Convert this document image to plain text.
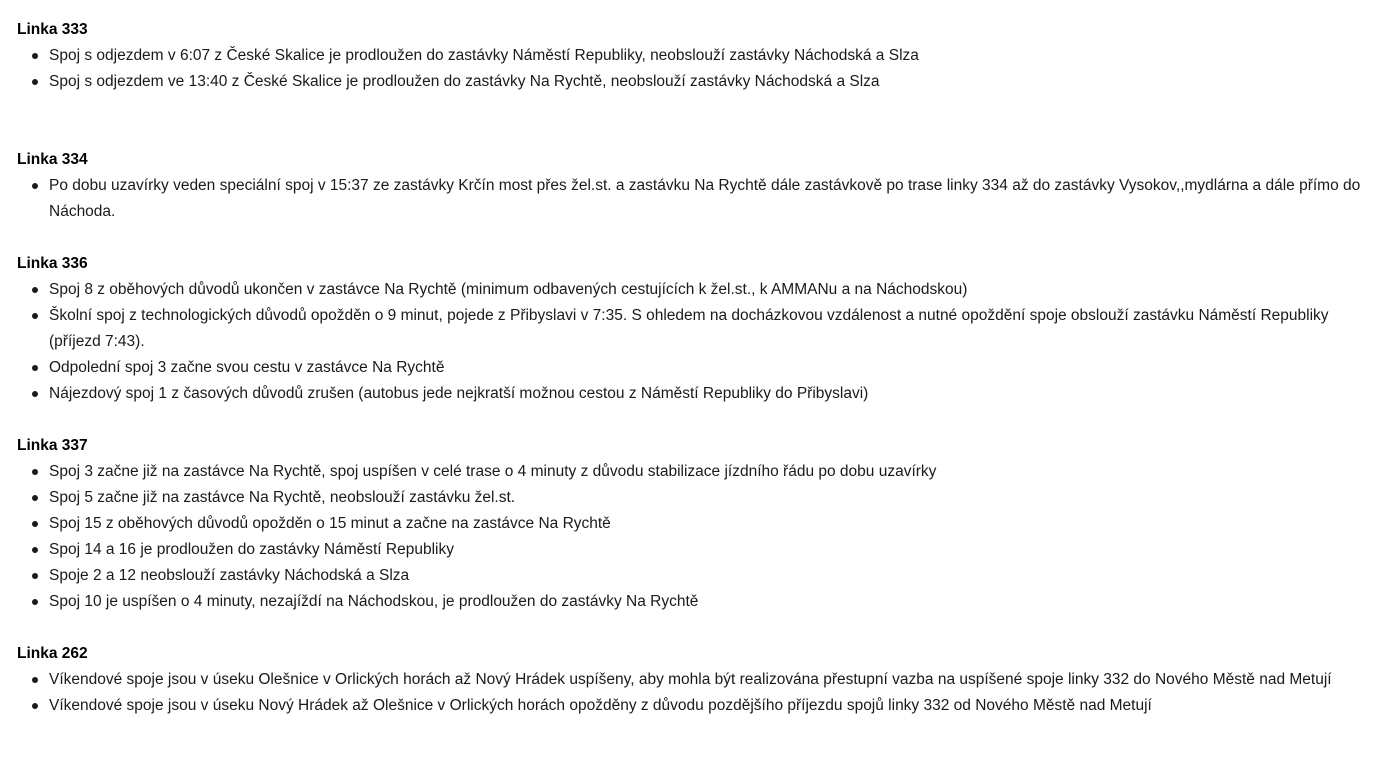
Linka 333
Spoj s odjezdem v 6:07 z České Skalice je prodloužen do zastávky Náměstí Republiky, neobslouží zastávky Náchodská a Slza
Spoj s odjezdem ve 13:40 z České Skalice je prodloužen do zastávky Na Rychtě, neobslouží zastávky Náchodská a Slza
Linka 334
Po dobu uzavírky veden speciální spoj v 15:37 ze zastávky Krčín most přes žel.st. a zastávku Na Rychtě dále zastávkově po trase linky 334 až do zastávky Vysokov,,mydlárna a dále přímo do Náchoda.
Linka 336
Spoj 8 z oběhových důvodů ukončen v zastávce Na Rychtě (minimum odbavených cestujících k žel.st., k AMMANu a na Náchodskou)
Školní spoj z technologických důvodů opožděn o 9 minut, pojede z Přibyslavi v 7:35. S ohledem na docházkovou vzdálenost a nutné opoždění spoje obslouží zastávku Náměstí Republiky (příjezd 7:43).
Odpolední spoj 3 začne svou cestu v zastávce Na Rychtě
Nájezdový spoj 1 z časových důvodů zrušen (autobus jede nejkratší možnou cestou z Náměstí Republiky do Přibyslavi)
Linka 337
Spoj 3 začne již na zastávce Na Rychtě, spoj uspíšen v celé trase o 4 minuty z důvodu stabilizace jízdního řádu po dobu uzavírky
Spoj 5 začne již na zastávce Na Rychtě, neobslouží zastávku žel.st.
Spoj 15 z oběhových důvodů opožděn o 15 minut a začne na zastávce Na Rychtě
Spoj 14 a 16 je prodloužen do zastávky Náměstí Republiky
Spoje 2 a 12 neobslouží zastávky Náchodská a Slza
Spoj 10 je uspíšen o 4 minuty, nezajíždí na Náchodskou, je prodloužen do zastávky Na Rychtě
Linka 262
Víkendové spoje jsou v úseku Olešnice v Orlických horách až Nový Hrádek uspíšeny, aby mohla být realizována přestupní vazba na uspíšené spoje linky 332 do Nového Městě nad Metují
Víkendové spoje jsou v úseku Nový Hrádek až Olešnice v Orlických horách opožděny z důvodu pozdějšího příjezdu spojů linky 332 od Nového Městě nad Metují
